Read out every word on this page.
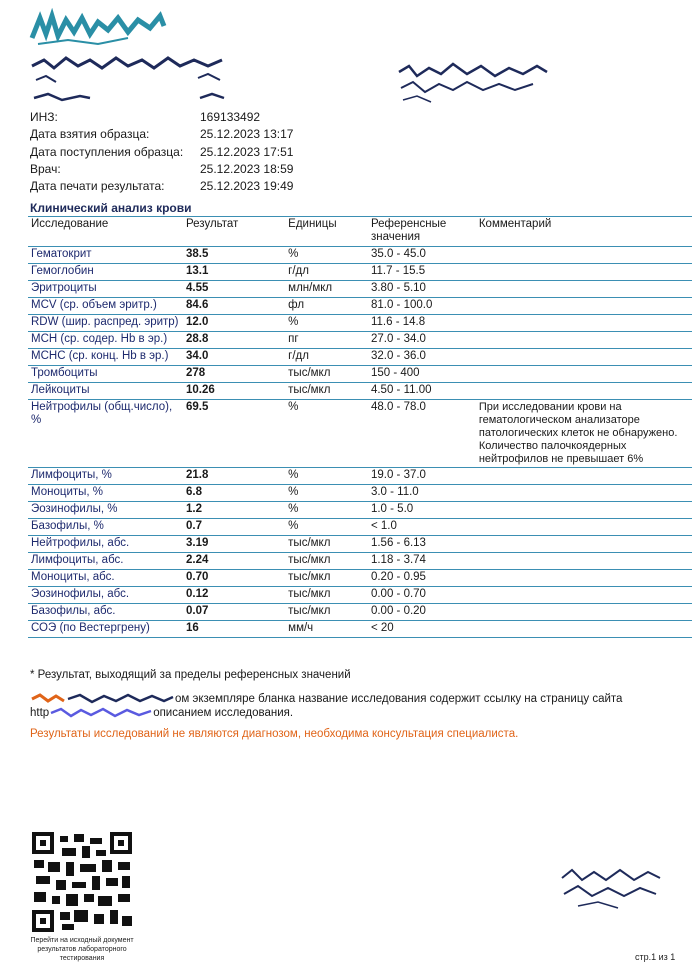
ИНЗ:	169133492
Дата взятия образца:	25.12.2023 13:17
Дата поступления образца: 25.12.2023 17:51
Врач:	25.12.2023 18:59
Дата печати результата:	25.12.2023 19:49
Клинический анализ крови
Исследование	Результат	Единицы	Референсные значения	Комментарий
Гематокрит	38.5	%	35.0 - 45.0	
Гемоглобин	13.1	г/дл	11.7 - 15.5	
Эритроциты	4.55	млн/мкл	3.80 - 5.10	
MCV (ср. объем эритр.)	84.6	фл	81.0 - 100.0	
RDW (шир. распред. эритр)	12.0	%	11.6 - 14.8	
MCH (ср. содер. Hb в эр.)	28.8	пг	27.0 - 34.0	
MCHC (ср. конц. Hb в эр.)	34.0	г/дл	32.0 - 36.0	
Тромбоциты	278	тыс/мкл	150 - 400	
Лейкоциты	10.26	тыс/мкл	4.50 - 11.00	
Нейтрофилы (общ.число), %	69.5	%	48.0 - 78.0	При исследовании крови на гематологическом анализаторе патологических клеток не обнаружено. Количество палочкоядерных нейтрофилов не превышает 6%
Лимфоциты, %	21.8	%	19.0 - 37.0	
Моноциты, %	6.8	%	3.0 - 11.0	
Эозинофилы, %	1.2	%	1.0 - 5.0	
Базофилы, %	0.7	%	< 1.0	
Нейтрофилы, абс.	3.19	тыс/мкл	1.56 - 6.13	
Лимфоциты, абс.	2.24	тыс/мкл	1.18 - 3.74	
Моноциты, абс.	0.70	тыс/мкл	0.20 - 0.95	
Эозинофилы, абс.	0.12	тыс/мкл	0.00 - 0.70	
Базофилы, абс.	0.07	тыс/мкл	0.00 - 0.20	
СОЭ (по Вестергрену)	16	мм/ч	< 20	
* Результат, выходящий за пределы референсных значений
ом экземпляре бланка название исследования содержит ссылку на страницу сайта
http	описанием исследования.
Результаты исследований не являются диагнозом, необходима консультация специалиста.
Перейти на исходный документ результатов лабораторного тестирования	стр.1 из 1
